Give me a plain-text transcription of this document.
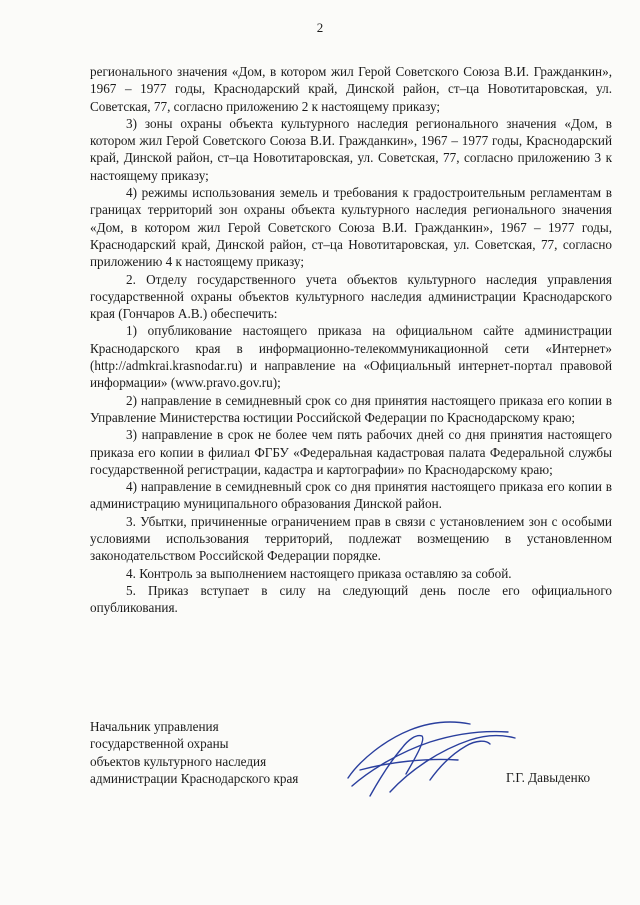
2

регионального значения «Дом, в котором жил Герой Советского Союза В.И. Гражданкин», 1967 – 1977 годы, Краснодарский край, Динской район, ст–ца Новотитаровская, ул. Советская, 77, согласно приложению 2 к настоящему приказу;

3) зоны охраны объекта культурного наследия регионального значения «Дом, в котором жил Герой Советского Союза В.И. Гражданкин», 1967 – 1977 годы, Краснодарский край, Динской район, ст–ца Новотитаровская, ул. Советская, 77, согласно приложению 3 к настоящему приказу;

4) режимы использования земель и требования к градостроительным регламентам в границах территорий зон охраны объекта культурного наследия регионального значения «Дом, в котором жил Герой Советского Союза В.И. Гражданкин», 1967 – 1977 годы, Краснодарский край, Динской район, ст–ца Новотитаровская, ул. Советская, 77, согласно приложению 4 к настоящему приказу;

2. Отделу государственного учета объектов культурного наследия управления государственной охраны объектов культурного наследия администрации Краснодарского края (Гончаров А.В.) обеспечить:

1) опубликование настоящего приказа на официальном сайте администрации Краснодарского края в информационно-телекоммуникационной сети «Интернет» (http://admkrai.krasnodar.ru) и направление на «Официальный интернет-портал правовой информации» (www.pravo.gov.ru);

2) направление в семидневный срок со дня принятия настоящего приказа его копии в Управление Министерства юстиции Российской Федерации по Краснодарскому краю;

3) направление в срок не более чем пять рабочих дней со дня принятия настоящего приказа его копии в филиал ФГБУ «Федеральная кадастровая палата Федеральной службы государственной регистрации, кадастра и картографии» по Краснодарскому краю;

4) направление в семидневный срок со дня принятия настоящего приказа его копии в администрацию муниципального образования Динской район.

3. Убытки, причиненные ограничением прав в связи с установлением зон с особыми условиями использования территорий, подлежат возмещению в установленном законодательством Российской Федерации порядке.

4. Контроль за выполнением настоящего приказа оставляю за собой.

5. Приказ вступает в силу на следующий день после его официального опубликования.

Начальник управления
государственной охраны
объектов культурного наследия
администрации Краснодарского края	Г.Г. Давыденко
